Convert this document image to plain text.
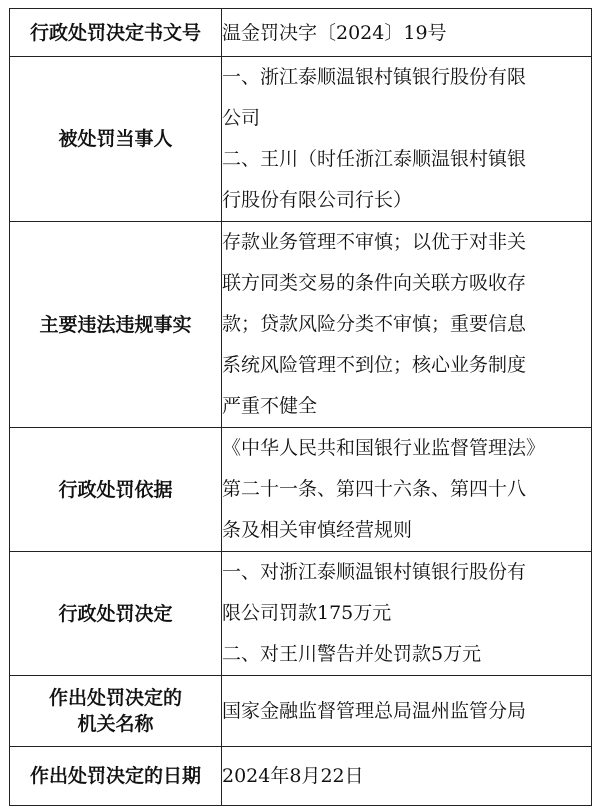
行政处罚决定书文号	温金罚决字〔2024〕19号

被处罚当事人	一、浙江泰顺温银村镇银行股份有限
公司
二、王川（时任浙江泰顺温银村镇银
行股份有限公司行长）

主要违法违规事实	存款业务管理不审慎；以优于对非关
联方同类交易的条件向关联方吸收存
款；贷款风险分类不审慎；重要信息
系统风险管理不到位；核心业务制度
严重不健全

行政处罚依据	《中华人民共和国银行业监督管理法》
第二十一条、第四十六条、第四十八
条及相关审慎经营规则

行政处罚决定	一、对浙江泰顺温银村镇银行股份有
限公司罚款175万元
二、对王川警告并处罚款5万元

作出处罚决定的
机关名称	国家金融监督管理总局温州监管分局

作出处罚决定的日期	2024年8月22日
